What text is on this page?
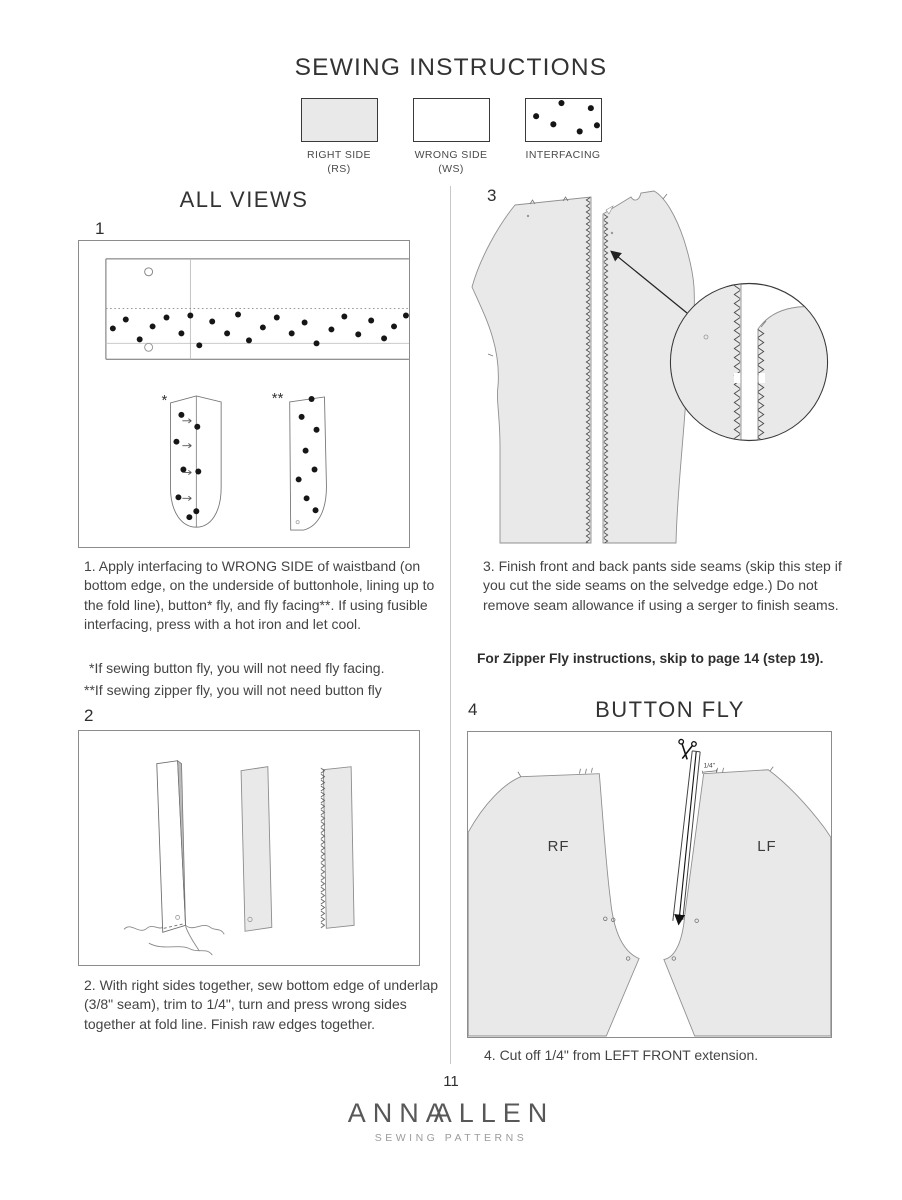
SEWING INSTRUCTIONS
RIGHT SIDE
(RS)
WRONG SIDE
(WS)
INTERFACING
ALL VIEWS
1
*	**

1. Apply interfacing to WRONG SIDE of waistband (on bottom edge, on the underside of buttonhole, lining up to the fold line), button* fly, and fly facing**. If using fusible interfacing, press with a hot iron and let cool.

*If sewing button fly, you will not need fly facing.
**If sewing zipper fly, you will not need button fly
2

2. With right sides together, sew bottom edge of underlap (3/8" seam), trim to 1/4", turn and press wrong sides together at fold line. Finish raw edges together.

3

3. Finish front and back pants side seams (skip this step if you cut the side seams on the selvedge edge.) Do not remove seam allowance if using a serger to finish seams.

For Zipper Fly instructions, skip to page 14 (step 19).

4	BUTTON FLY
RF	LF
1/4"

4. Cut off 1/4" from LEFT FRONT extension.

11
ANNAALLEN
SEWING PATTERNS
